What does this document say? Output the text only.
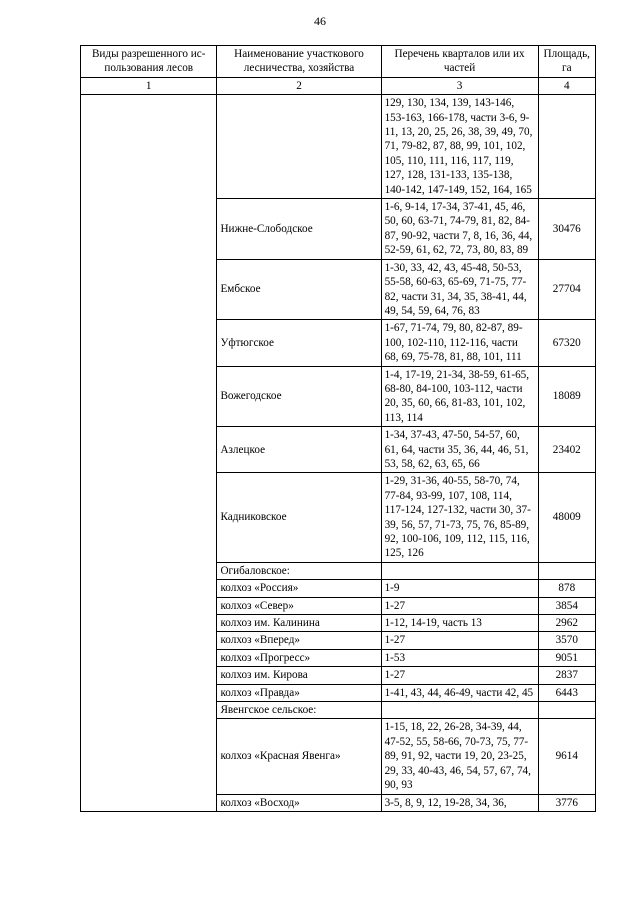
46
Виды разрешенного ис-пользования лесов	Наименование участкового лесничества, хозяйства	Перечень кварталов или их частей	Площадь, га
1	2	3	4
		129, 130, 134, 139, 143-146, 153-163, 166-178, части 3-6, 9-11, 13, 20, 25, 26, 38, 39, 49, 70, 71, 79-82, 87, 88, 99, 101, 102, 105, 110, 111, 116, 117, 119, 127, 128, 131-133, 135-138, 140-142, 147-149, 152, 164, 165	
	Нижне-Слободское	1-6, 9-14, 17-34, 37-41, 45, 46, 50, 60, 63-71, 74-79, 81, 82, 84-87, 90-92, части 7, 8, 16, 36, 44, 52-59, 61, 62, 72, 73, 80, 83, 89	30476
	Ембское	1-30, 33, 42, 43, 45-48, 50-53, 55-58, 60-63, 65-69, 71-75, 77-82, части 31, 34, 35, 38-41, 44, 49, 54, 59, 64, 76, 83	27704
	Уфтюгское	1-67, 71-74, 79, 80, 82-87, 89-100, 102-110, 112-116, части 68, 69, 75-78, 81, 88, 101, 111	67320
	Вожегодское	1-4, 17-19, 21-34, 38-59, 61-65, 68-80, 84-100, 103-112, части 20, 35, 60, 66, 81-83, 101, 102, 113, 114	18089
	Азлецкое	1-34, 37-43, 47-50, 54-57, 60, 61, 64, части 35, 36, 44, 46, 51, 53, 58, 62, 63, 65, 66	23402
	Кадниковское	1-29, 31-36, 40-55, 58-70, 74, 77-84, 93-99, 107, 108, 114, 117-124, 127-132, части 30, 37-39, 56, 57, 71-73, 75, 76, 85-89, 92, 100-106, 109, 112, 115, 116, 125, 126	48009
	Огибаловское:		
	колхоз «Россия»	1-9	878
	колхоз «Север»	1-27	3854
	колхоз им. Калинина	1-12, 14-19, часть 13	2962
	колхоз «Вперед»	1-27	3570
	колхоз «Прогресс»	1-53	9051
	колхоз им. Кирова	1-27	2837
	колхоз «Правда»	1-41, 43, 44, 46-49, части 42, 45	6443
	Явенгское сельское:		
	колхоз «Красная Явенга»	1-15, 18, 22, 26-28, 34-39, 44, 47-52, 55, 58-66, 70-73, 75, 77-89, 91, 92, части 19, 20, 23-25, 29, 33, 40-43, 46, 54, 57, 67, 74, 90, 93	9614
	колхоз «Восход»	3-5, 8, 9, 12, 19-28, 34, 36,	3776
